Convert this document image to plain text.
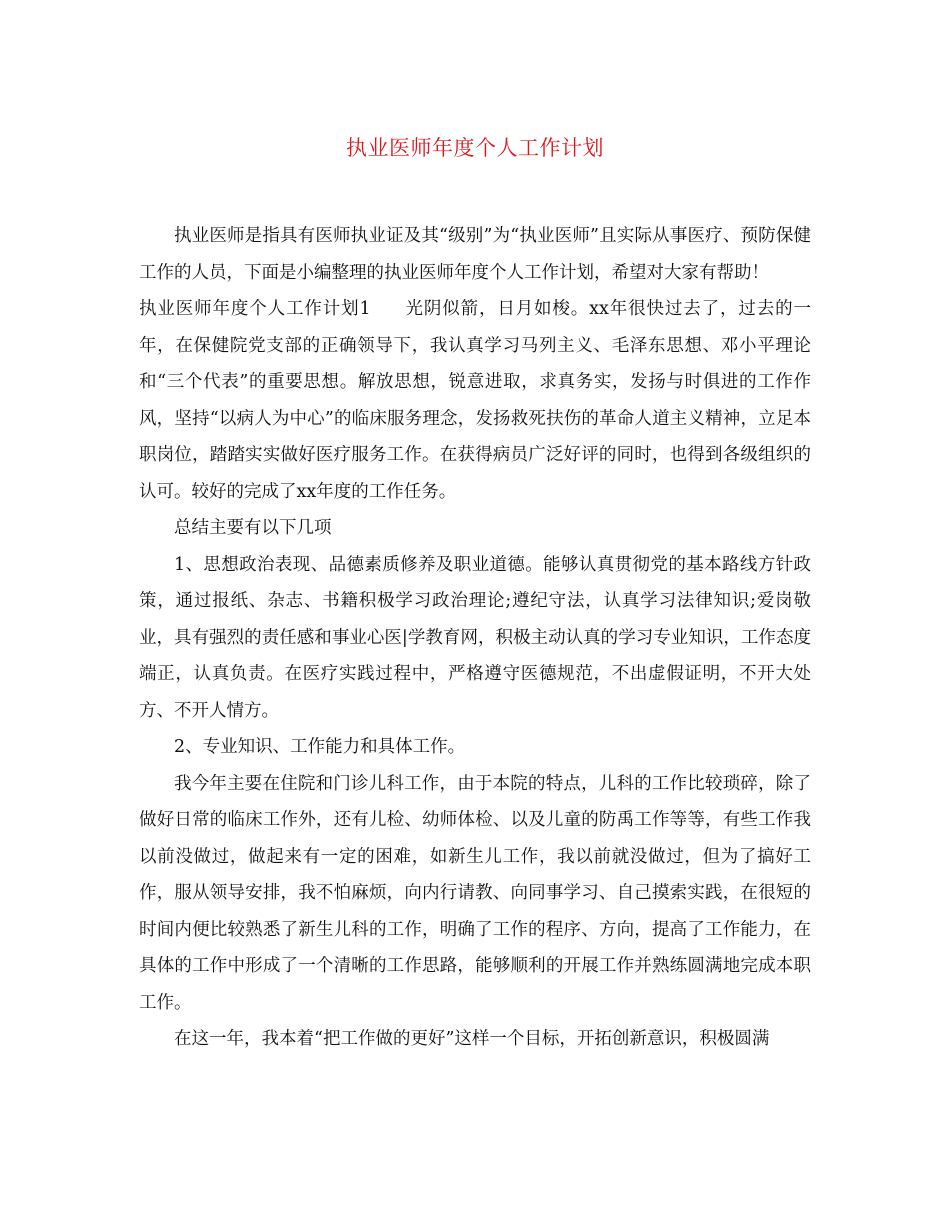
执业医师年度个人工作计划

执业医师是指具有医师执业证及其“级别”为“执业医师”且实际从事医疗、预防保健工作的人员，下面是小编整理的执业医师年度个人工作计划，希望对大家有帮助！

执业医师年度个人工作计划1 光阴似箭，日月如梭。xx年很快过去了，过去的一年，在保健院党支部的正确领导下，我认真学习马列主义、毛泽东思想、邓小平理论和“三个代表”的重要思想。解放思想，锐意进取，求真务实，发扬与时俱进的工作作风，坚持“以病人为中心”的临床服务理念，发扬救死扶伤的革命人道主义精神，立足本职岗位，踏踏实实做好医疗服务工作。在获得病员广泛好评的同时，也得到各级组织的认可。较好的完成了xx年度的工作任务。

总结主要有以下几项

1、思想政治表现、品德素质修养及职业道德。能够认真贯彻党的基本路线方针政策，通过报纸、杂志、书籍积极学习政治理论;遵纪守法，认真学习法律知识;爱岗敬业，具有强烈的责任感和事业心医|学教育网，积极主动认真的学习专业知识，工作态度端正，认真负责。在医疗实践过程中，严格遵守医德规范，不出虚假证明，不开大处方、不开人情方。

2、专业知识、工作能力和具体工作。

我今年主要在住院和门诊儿科工作，由于本院的特点，儿科的工作比较琐碎，除了做好日常的临床工作外，还有儿检、幼师体检、以及儿童的防禹工作等等，有些工作我以前没做过，做起来有一定的困难，如新生儿工作，我以前就没做过，但为了搞好工作，服从领导安排，我不怕麻烦，向内行请教、向同事学习、自己摸索实践，在很短的时间内便比较熟悉了新生儿科的工作，明确了工作的程序、方向，提高了工作能力，在具体的工作中形成了一个清晰的工作思路，能够顺利的开展工作并熟练圆满地完成本职工作。

在这一年，我本着“把工作做的更好”这样一个目标，开拓创新意识，积极圆满
